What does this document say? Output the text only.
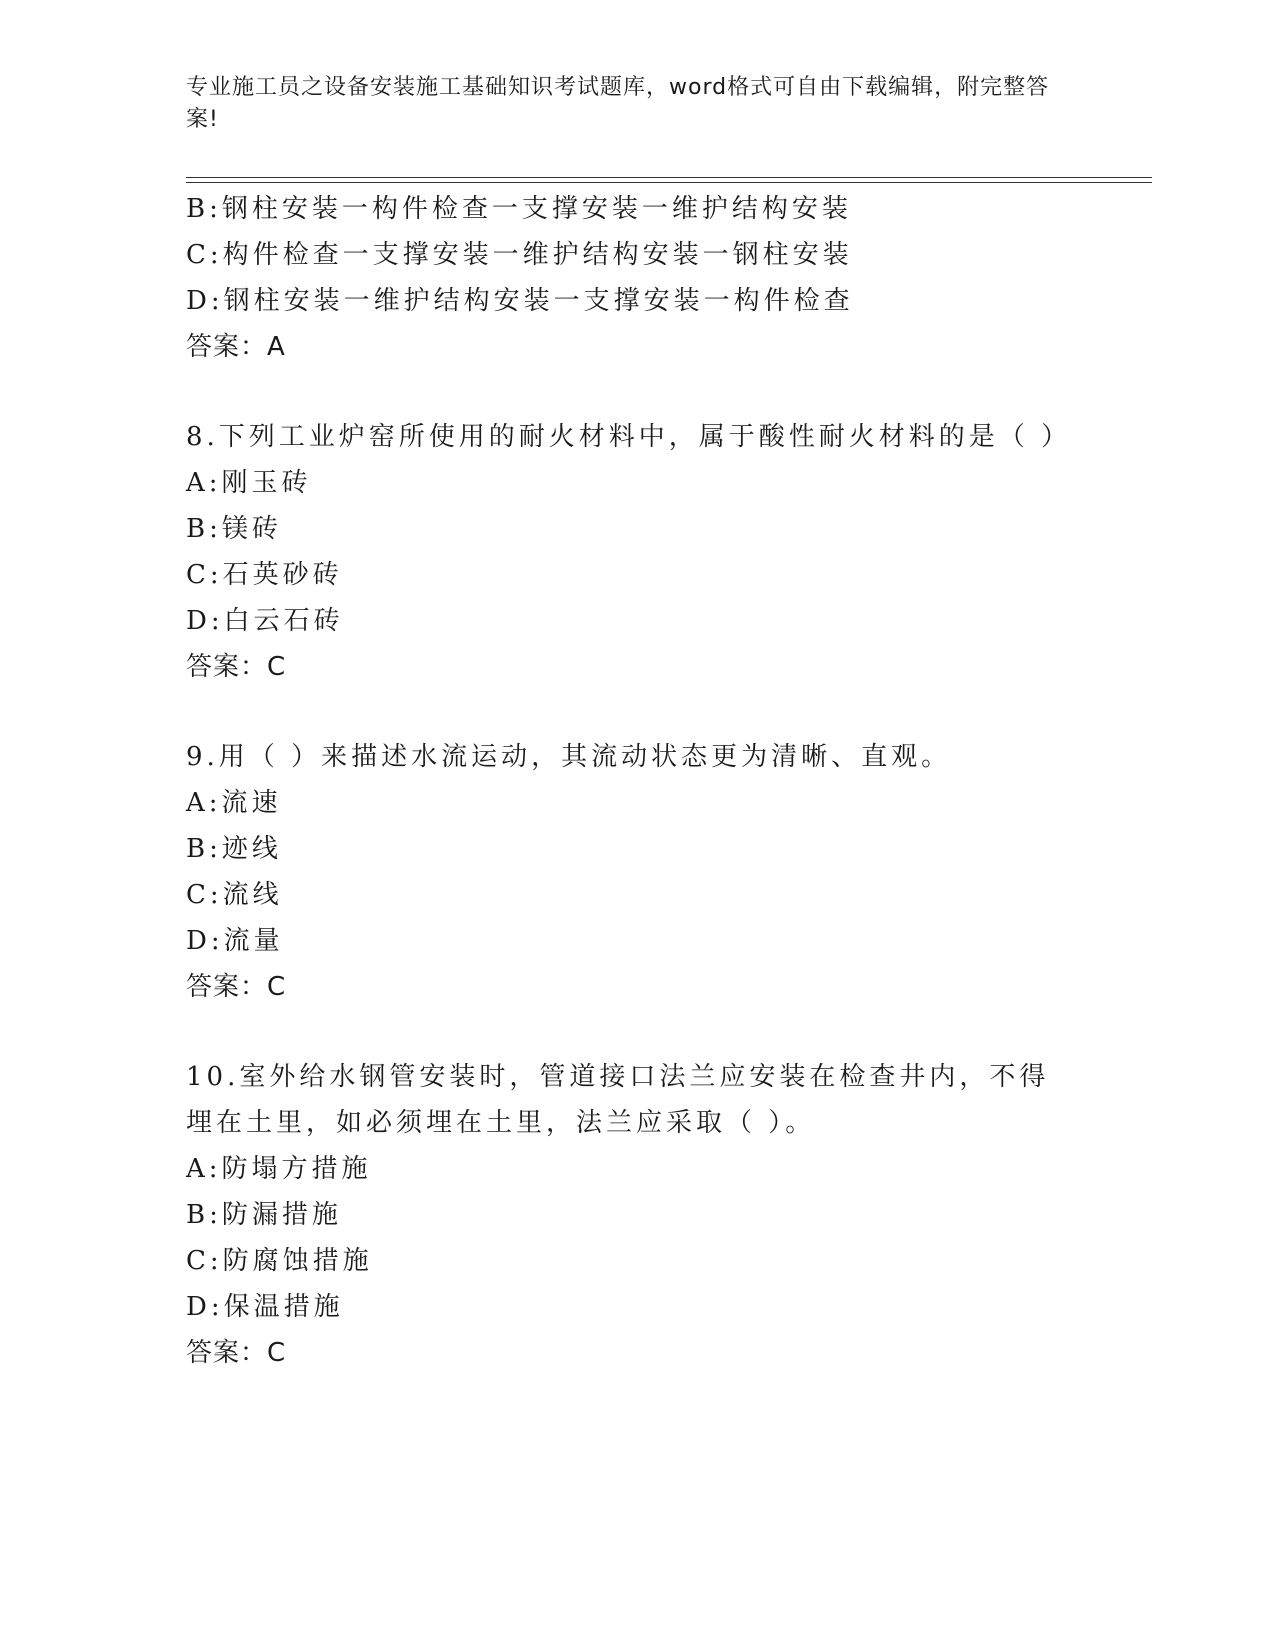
专业施工员之设备安装施工基础知识考试题库，word格式可自由下载编辑，附完整答案!
B:钢柱安装一构件检查一支撑安装一维护结构安装
C:构件检查一支撑安装一维护结构安装一钢柱安装
D:钢柱安装一维护结构安装一支撑安装一构件检查
答案：A
8.下列工业炉窑所使用的耐火材料中，属于酸性耐火材料的是（ ）
A:刚玉砖
B:镁砖
C:石英砂砖
D:白云石砖
答案：C
9.用（ ）来描述水流运动，其流动状态更为清晰、直观。
A:流速
B:迹线
C:流线
D:流量
答案：C
10.室外给水钢管安装时，管道接口法兰应安装在检查井内，不得埋在土里，如必须埋在土里，法兰应采取（ ）。
A:防塌方措施
B:防漏措施
C:防腐蚀措施
D:保温措施
答案：C
